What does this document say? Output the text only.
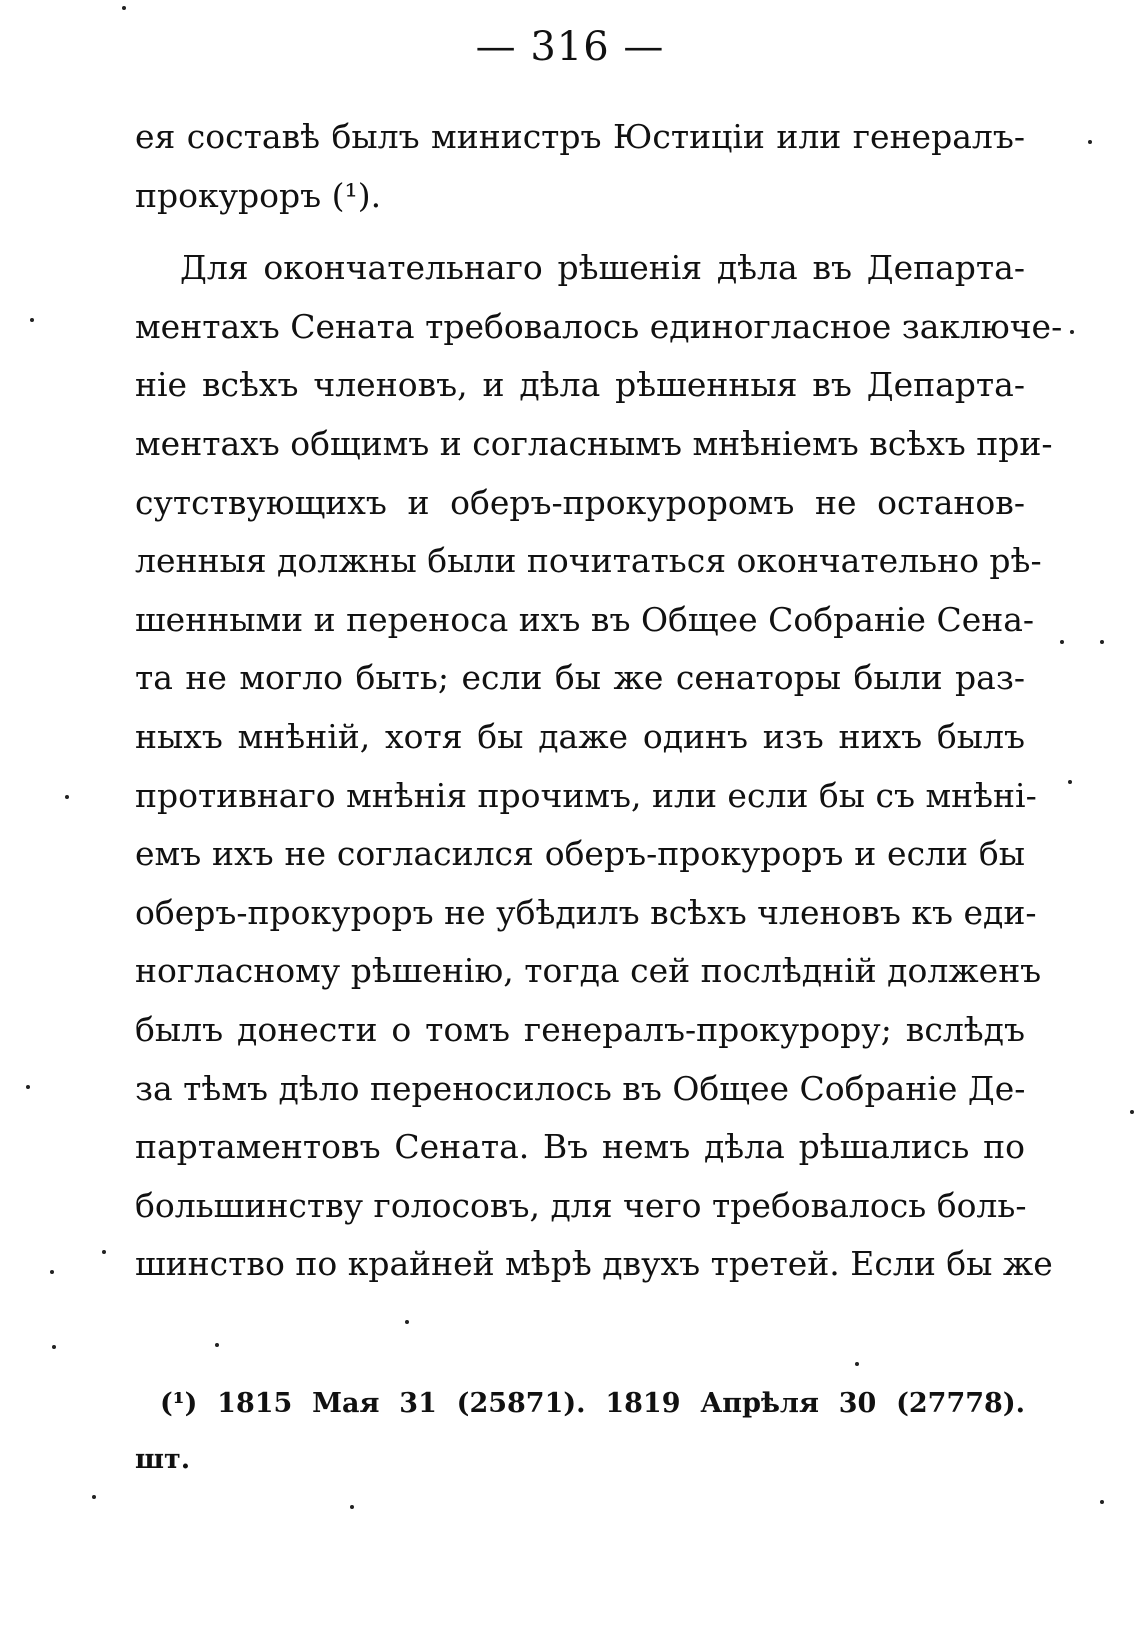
— 316 —
ея составѣ былъ министръ Юстиціи или генералъ-
прокуроръ (¹).
Для окончательнаго рѣшенія дѣла въ Департа-
ментахъ Сената требовалось единогласное заключе-
ніе всѣхъ членовъ, и дѣла рѣшенныя въ Департа-
ментахъ общимъ и согласнымъ мнѣніемъ всѣхъ при-
сутствующихъ и оберъ-прокуроромъ не останов-
ленныя должны были почитаться окончательно рѣ-
шенными и переноса ихъ въ Общее Собраніе Сена-
та не могло быть; если бы же сенаторы были раз-
ныхъ мнѣній, хотя бы даже одинъ изъ нихъ былъ
противнаго мнѣнія прочимъ, или если бы съ мнѣні-
емъ ихъ не согласился оберъ-прокуроръ и если бы
оберъ-прокуроръ не убѣдилъ всѣхъ членовъ къ еди-
ногласному рѣшенію, тогда сей послѣдній долженъ
былъ донести о томъ генералъ-прокурору; вслѣдъ
за тѣмъ дѣло переносилось въ Общее Собраніе Де-
партаментовъ Сената. Въ немъ дѣла рѣшались по
большинству голосовъ, для чего требовалось боль-
шинство по крайней мѣрѣ двухъ третей. Если бы же
(¹) 1815 Мая 31 (25871). 1819 Апрѣля 30 (27778).
шт.
